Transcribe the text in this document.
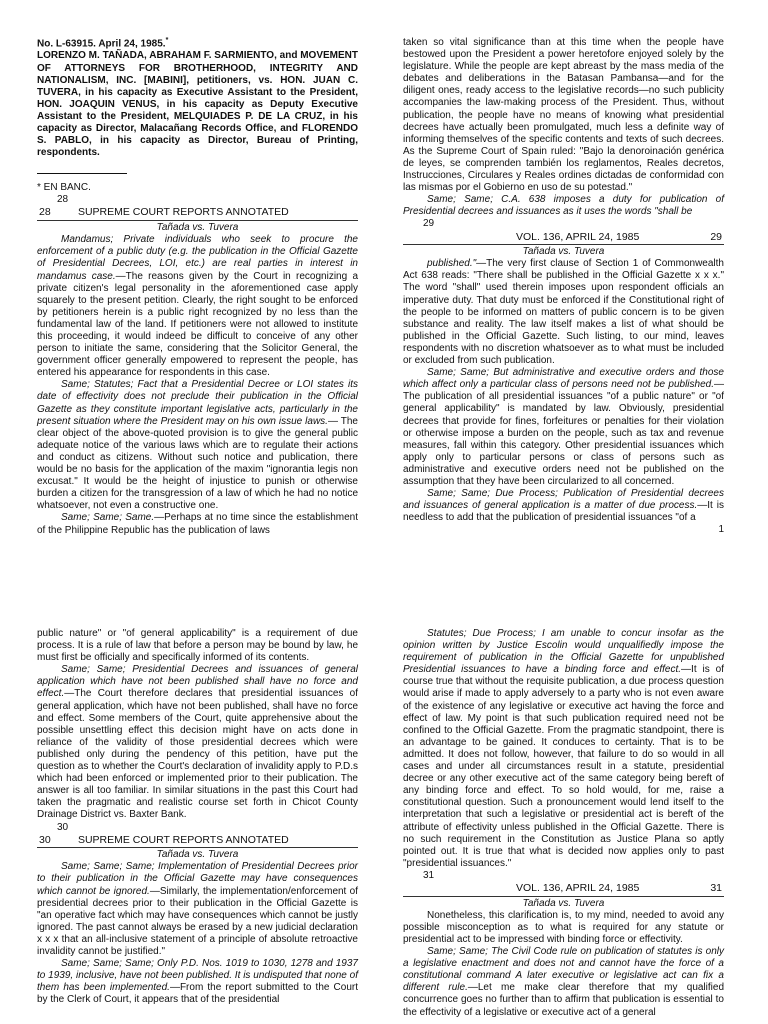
No. L-63915. April 24, 1985.*

LORENZO M. TAÑADA, ABRAHAM F. SARMIENTO, and MOVEMENT OF ATTORNEYS FOR BROTHERHOOD, INTEGRITY AND NATIONALISM, INC. [MABINI], petitioners, vs. HON. JUAN C. TUVERA, in his capacity as Executive Assistant to the President, HON. JOAQUIN VENUS, in his capacity as Deputy Executive Assistant to the President, MELQUIADES P. DE LA CRUZ, in his capacity as Director, Malacañang Records Office, and FLORENDO S. PABLO, in his capacity as Director, Bureau of Printing, respondents.

* EN BANC.

28

28	SUPREME COURT REPORTS ANNOTATED

Tañada vs. Tuvera

Mandamus; Private individuals who seek to procure the enforcement of a public duty (e.g. the publication in the Official Gazette of Presidential Decrees, LOI, etc.) are real parties in interest in mandamus case.—The reasons given by the Court in recognizing a private citizen's legal personality in the aforementioned case apply squarely to the present petition. Clearly, the right sought to be enforced by petitioners herein is a public right recognized by no less than the fundamental law of the land. If petitioners were not allowed to institute this proceeding, it would indeed be difficult to conceive of any other person to initiate the same, considering that the Solicitor General, the government officer generally empowered to represent the people, has entered his appearance for respondents in this case.

Same; Statutes; Fact that a Presidential Decree or LOI states its date of effectivity does not preclude their publication in the Official Gazette as they constitute important legislative acts, particularly in the present situation where the President may on his own issue laws.— The clear object of the above-quoted provision is to give the general public adequate notice of the various laws which are to regulate their actions and conduct as citizens. Without such notice and publication, there would be no basis for the application of the maxim "ignorantia legis non excusat." It would be the height of injustice to punish or otherwise burden a citizen for the transgression of a law of which he had no notice whatsoever, not even a constructive one.

Same; Same; Same.—Perhaps at no time since the establishment of the Philippine Republic has the publication of laws

taken so vital significance than at this time when the people have bestowed upon the President a power heretofore enjoyed solely by the legislature. While the people are kept abreast by the mass media of the debates and deliberations in the Batasan Pambansa—and for the diligent ones, ready access to the legislative records—no such publicity accompanies the law-making process of the President. Thus, without publication, the people have no means of knowing what presidential decrees have actually been promulgated, much less a definite way of informing themselves of the specific contents and texts of such decrees. As the Supreme Court of Spain ruled: "Bajo la denoroinación genérica de leyes, se comprenden también los reglamentos, Reales decretos, Instrucciones, Circulares y Reales ordines dictadas de conformidad con las mismas por el Gobierno en uso de su potestad."

Same; Same; C.A. 638 imposes a duty for publication of Presidential decrees and issuances as it uses the words "shall be

29

VOL. 136, APRIL 24, 1985	29

Tañada vs. Tuvera

published."—The very first clause of Section 1 of Commonwealth Act 638 reads: "There shall be published in the Official Gazette x x x." The word "shall" used therein imposes upon respondent officials an imperative duty. That duty must be enforced if the Constitutional right of the people to be informed on matters of public concern is to be given substance and reality. The law itself makes a list of what should be published in the Official Gazette. Such listing, to our mind, leaves respondents with no discretion whatsoever as to what must be included or excluded from such publication.

Same; Same; But administrative and executive orders and those which affect only a particular class of persons need not be published.—The publication of all presidential issuances "of a public nature" or "of general applicability" is mandated by law. Obviously, presidential decrees that provide for fines, forfeitures or penalties for their violation or otherwise impose a burden on the people, such as tax and revenue measures, fall within this category. Other presidential issuances which apply only to particular persons or class of persons such as administrative and executive orders need not be published on the assumption that they have been circularized to all concerned.

Same; Same; Due Process; Publication of Presidential decrees and issuances of general application is a matter of due process.—It is needless to add that the publication of presidential issuances "of a

1

public nature" or "of general applicability" is a requirement of due process. It is a rule of law that before a person may be bound by law, he must first be officially and specifically informed of its contents.

Same; Same; Presidential Decrees and issuances of general application which have not been published shall have no force and effect.—The Court therefore declares that presidential issuances of general application, which have not been published, shall have no force and effect. Some members of the Court, quite apprehensive about the possible unsettling effect this decision might have on acts done in reliance of the validity of those presidential decrees which were published only during the pendency of this petition, have put the question as to whether the Court's declaration of invalidity apply to P.D.s which had been enforced or implemented prior to their publication. The answer is all too familiar. In similar situations in the past this Court had taken the pragmatic and realistic course set forth in Chicot County Drainage District vs. Baxter Bank.

30

30	SUPREME COURT REPORTS ANNOTATED

Tañada vs. Tuvera

Same; Same; Same; Implementation of Presidential Decrees prior to their publication in the Official Gazette may have consequences which cannot be ignored.—Similarly, the implementation/enforcement of presidential decrees prior to their publication in the Official Gazette is "an operative fact which may have consequences which cannot be justly ignored. The past cannot always be erased by a new judicial declaration x x x that an all-inclusive statement of a principle of absolute retroactive invalidity cannot be justified."

Same; Same; Same; Only P.D. Nos. 1019 to 1030, 1278 and 1937 to 1939, inclusive, have not been published. It is undisputed that none of them has been implemented.—From the report submitted to the Court by the Clerk of Court, it appears that of the presidential

Statutes; Due Process; I am unable to concur insofar as the opinion written by Justice Escolin would unqualifiedly impose the requirement of publication in the Official Gazette for unpublished Presidential issuances to have a binding force and effect.—It is of course true that without the requisite publication, a due process question would arise if made to apply adversely to a party who is not even aware of the existence of any legislative or executive act having the force and effect of law. My point is that such publication required need not be confined to the Official Gazette. From the pragmatic standpoint, there is an advantage to be gained. It conduces to certainty. That is to be admitted. It does not follow, however, that failure to do so would in all cases and under all circumstances result in a statute, presidential decree or any other executive act of the same category being bereft of any binding force and effect. To so hold would, for me, raise a constitutional question. Such a pronouncement would lend itself to the interpretation that such a legislative or presidential act is bereft of the attribute of effectivity unless published in the Official Gazette. There is no such requirement in the Constitution as Justice Plana so aptly pointed out. It is true that what is decided now applies only to past "presidential issuances."

31

VOL. 136, APRIL 24, 1985	31

Tañada vs. Tuvera

Nonetheless, this clarification is, to my mind, needed to avoid any possible misconception as to what is required for any statute or presidential act to be impressed with binding force or effectivity.

Same; Same; The Civil Code rule on publication of statutes is only a legislative enactment and does not and cannot have the force of a constitutional command A later executive or legislative act can fix a different rule.—Let me make clear therefore that my qualified concurrence goes no further than to affirm that publication is essential to the effectivity of a legislative or executive act of a general
